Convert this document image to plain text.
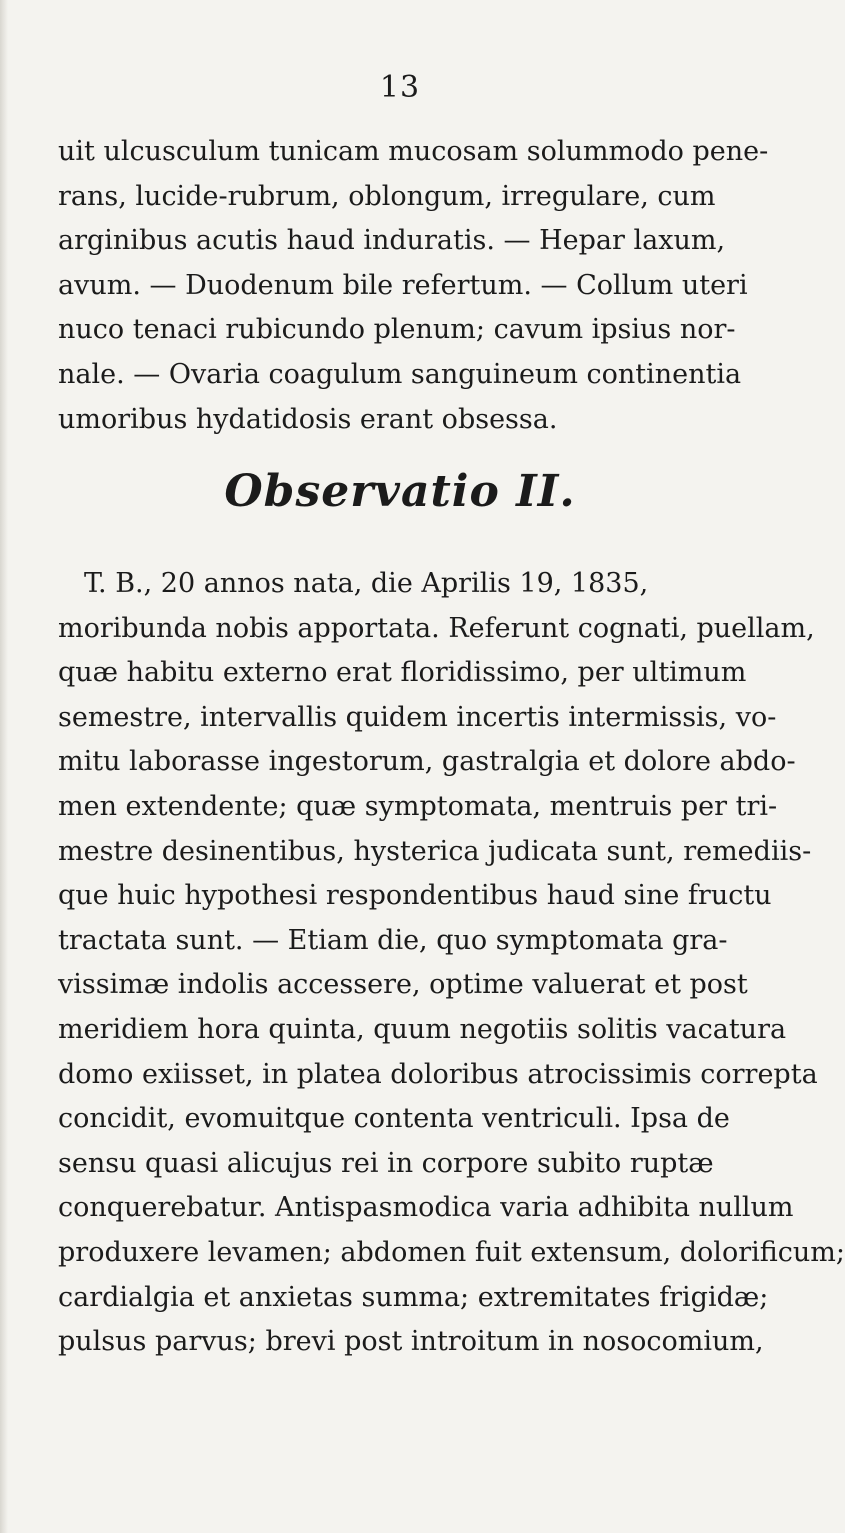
13
uit ulcusculum tunicam mucosam solummodo pene-
rans, lucide-rubrum, oblongum, irregulare, cum
arginibus acutis haud induratis. — Hepar laxum,
avum. — Duodenum bile refertum. — Collum uteri
nuco tenaci rubicundo plenum; cavum ipsius nor-
nale. — Ovaria coagulum sanguineum continentia
umoribus hydatidosis erant obsessa.
Observatio II.
T. B., 20 annos nata, die Aprilis 19, 1835,
moribunda nobis apportata. Referunt cognati, puellam,
quæ habitu externo erat floridissimo, per ultimum
semestre, intervallis quidem incertis intermissis, vo-
mitu laborasse ingestorum, gastralgia et dolore abdo-
men extendente; quæ symptomata, mentruis per tri-
mestre desinentibus, hysterica judicata sunt, remediis-
que huic hypothesi respondentibus haud sine fructu
tractata sunt. — Etiam die, quo symptomata gra-
vissimæ indolis accessere, optime valuerat et post
meridiem hora quinta, quum negotiis solitis vacatura
domo exiisset, in platea doloribus atrocissimis correpta
concidit, evomuitque contenta ventriculi. Ipsa de
sensu quasi alicujus rei in corpore subito ruptæ
conquerebatur. Antispasmodica varia adhibita nullum
produxere levamen; abdomen fuit extensum, dolorificum;
cardialgia et anxietas summa; extremitates frigidæ;
pulsus parvus; brevi post introitum in nosocomium,
